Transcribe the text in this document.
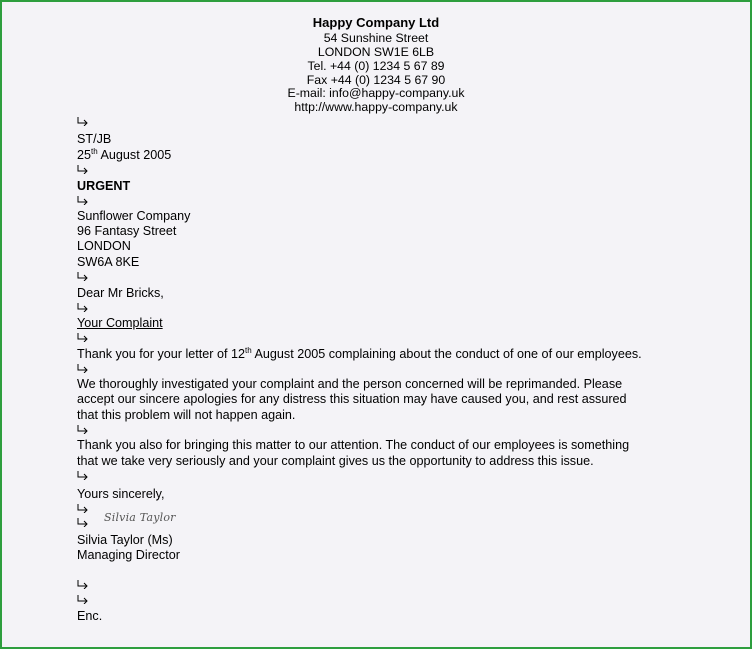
Happy Company Ltd
54 Sunshine Street
LONDON SW1E 6LB
Tel. +44 (0) 1234 5 67 89
Fax +44 (0) 1234 5 67 90
E-mail: info@happy-company.uk
http://www.happy-company.uk
ST/JB
25th August 2005
URGENT
Sunflower Company
96 Fantasy Street
LONDON
SW6A 8KE
Dear Mr Bricks,
Your Complaint
Thank you for your letter of 12th August 2005 complaining about the conduct of one of our employees.
We thoroughly investigated your complaint and the person concerned will be reprimanded. Please
accept our sincere apologies for any distress this situation may have caused you, and rest assured
that this problem will not happen again.
Thank you also for bringing this matter to our attention. The conduct of our employees is something
that we take very seriously and your complaint gives us the opportunity to address this issue.
Yours sincerely,
Silvia Taylor
Silvia Taylor (Ms)
Managing Director
Enc.
